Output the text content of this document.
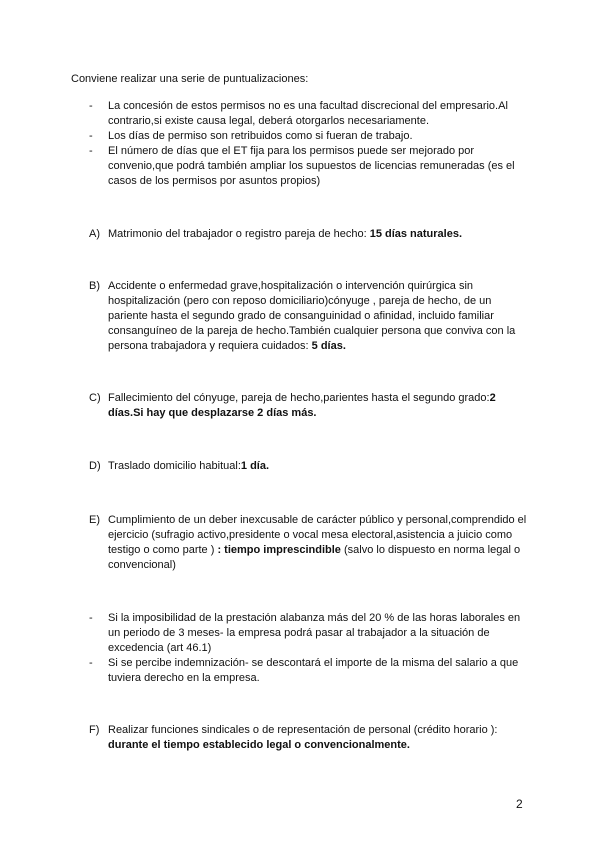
Conviene realizar una serie de puntualizaciones:
- La concesión de estos permisos no es una facultad discrecional del empresario.Al contrario,si existe causa legal, deberá otorgarlos necesariamente.
- Los días de permiso son retribuidos como si fueran de trabajo.
- El número de días que el ET fija para los permisos puede ser mejorado por convenio,que podrá también ampliar los supuestos de licencias remuneradas (es el casos de los permisos por asuntos propios)
A) Matrimonio del trabajador o registro pareja de hecho: 15 días naturales.
B) Accidente o enfermedad grave,hospitalización o intervención quirúrgica sin hospitalización (pero con reposo domiciliario)cónyuge , pareja de hecho, de un pariente hasta el segundo grado de consanguinidad o afinidad, incluido familiar consanguíneo de la pareja de hecho.También cualquier persona que conviva con la persona trabajadora y requiera cuidados: 5 días.
C) Fallecimiento del cónyuge, pareja de hecho,parientes hasta el segundo grado:2 días.Si hay que desplazarse 2 días más.
D) Traslado domicilio habitual:1 día.
E) Cumplimiento de un deber inexcusable de carácter público y personal,comprendido el ejercicio (sufragio activo,presidente o vocal mesa electoral,asistencia a juicio como testigo o como parte ) : tiempo imprescindible (salvo lo dispuesto en norma legal o convencional)
- Si la imposibilidad de la prestación alabanza más del 20 % de las horas laborales en un periodo de 3 meses- la empresa podrá pasar al trabajador a la situación de excedencia (art 46.1)
- Si se percibe indemnización- se descontará el importe de la misma del salario a que tuviera derecho en la empresa.
F) Realizar funciones sindicales o de representación de personal (crédito horario ): durante el tiempo establecido legal o convencionalmente.
2
